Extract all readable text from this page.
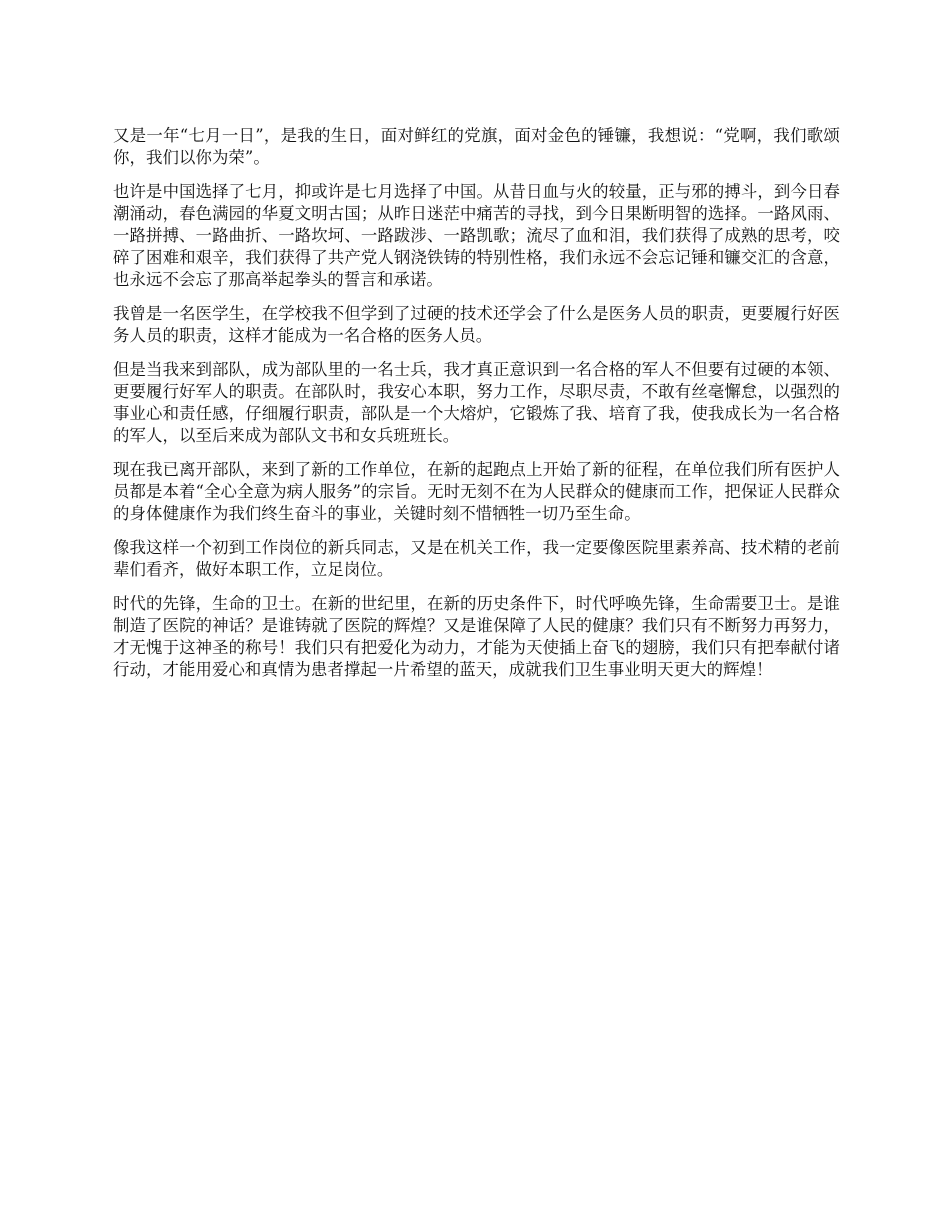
又是一年“七月一日”，是我的生日，面对鲜红的党旗，面对金色的锤镰，我想说：“党啊，我们歌颂你，我们以你为荣”。

也许是中国选择了七月，抑或许是七月选择了中国。从昔日血与火的较量，正与邪的搏斗，到今日春潮涌动，春色满园的华夏文明古国；从昨日迷茫中痛苦的寻找，到今日果断明智的选择。一路风雨、一路拼搏、一路曲折、一路坎坷、一路跋涉、一路凯歌；流尽了血和泪，我们获得了成熟的思考，咬碎了困难和艰辛，我们获得了共产党人钢浇铁铸的特别性格，我们永远不会忘记锤和镰交汇的含意，也永远不会忘了那高举起拳头的誓言和承诺。

我曾是一名医学生，在学校我不但学到了过硬的技术还学会了什么是医务人员的职责，更要履行好医务人员的职责，这样才能成为一名合格的医务人员。

但是当我来到部队，成为部队里的一名士兵，我才真正意识到一名合格的军人不但要有过硬的本领、更要履行好军人的职责。在部队时，我安心本职，努力工作，尽职尽责，不敢有丝毫懈怠，以强烈的事业心和责任感，仔细履行职责，部队是一个大熔炉，它锻炼了我、培育了我，使我成长为一名合格的军人，以至后来成为部队文书和女兵班班长。

现在我已离开部队，来到了新的工作单位，在新的起跑点上开始了新的征程，在单位我们所有医护人员都是本着“全心全意为病人服务”的宗旨。无时无刻不在为人民群众的健康而工作，把保证人民群众的身体健康作为我们终生奋斗的事业，关键时刻不惜牺牲一切乃至生命。

像我这样一个初到工作岗位的新兵同志，又是在机关工作，我一定要像医院里素养高、技术精的老前辈们看齐，做好本职工作，立足岗位。

时代的先锋，生命的卫士。在新的世纪里，在新的历史条件下，时代呼唤先锋，生命需要卫士。是谁制造了医院的神话？是谁铸就了医院的辉煌？又是谁保障了人民的健康？我们只有不断努力再努力，才无愧于这神圣的称号！我们只有把爱化为动力，才能为天使插上奋飞的翅膀，我们只有把奉献付诸行动，才能用爱心和真情为患者撑起一片希望的蓝天，成就我们卫生事业明天更大的辉煌！
